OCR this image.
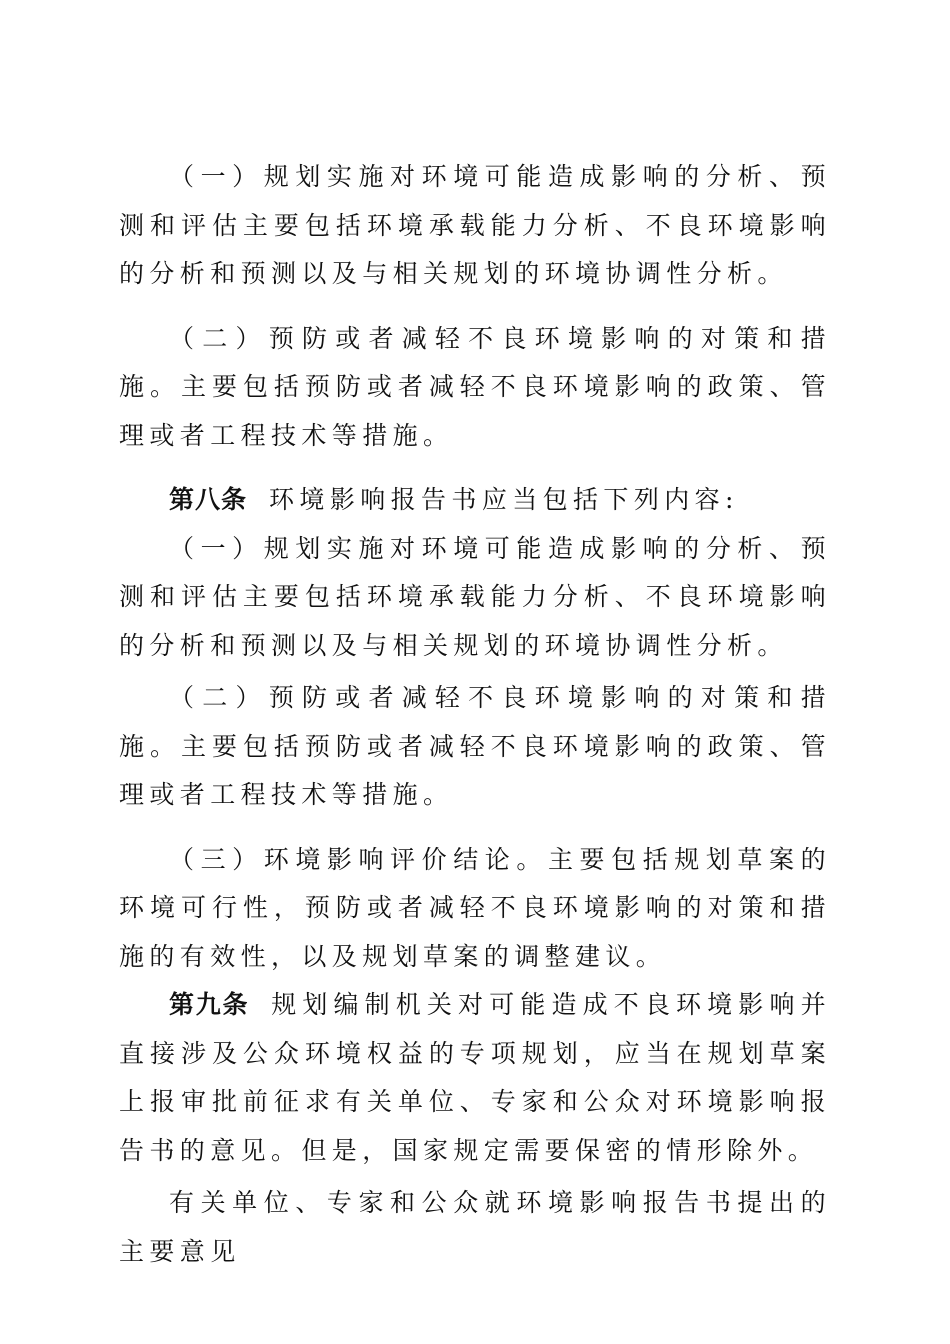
（一）规划实施对环境可能造成影响的分析、预测和评估主要包括环境承载能力分析、不良环境影响的分析和预测以及与相关规划的环境协调性分析。

（二）预防或者减轻不良环境影响的对策和措施。主要包括预防或者减轻不良环境影响的政策、管理或者工程技术等措施。

第八条 环境影响报告书应当包括下列内容:

（一）规划实施对环境可能造成影响的分析、预测和评估主要包括环境承载能力分析、不良环境影响的分析和预测以及与相关规划的环境协调性分析。

（二）预防或者减轻不良环境影响的对策和措施。主要包括预防或者减轻不良环境影响的政策、管理或者工程技术等措施。

（三）环境影响评价结论。主要包括规划草案的环境可行性，预防或者减轻不良环境影响的对策和措施的有效性，以及规划草案的调整建议。

第九条 规划编制机关对可能造成不良环境影响并直接涉及公众环境权益的专项规划，应当在规划草案上报审批前征求有关单位、专家和公众对环境影响报告书的意见。但是，国家规定需要保密的情形除外。

有关单位、专家和公众就环境影响报告书提出的主要意见
